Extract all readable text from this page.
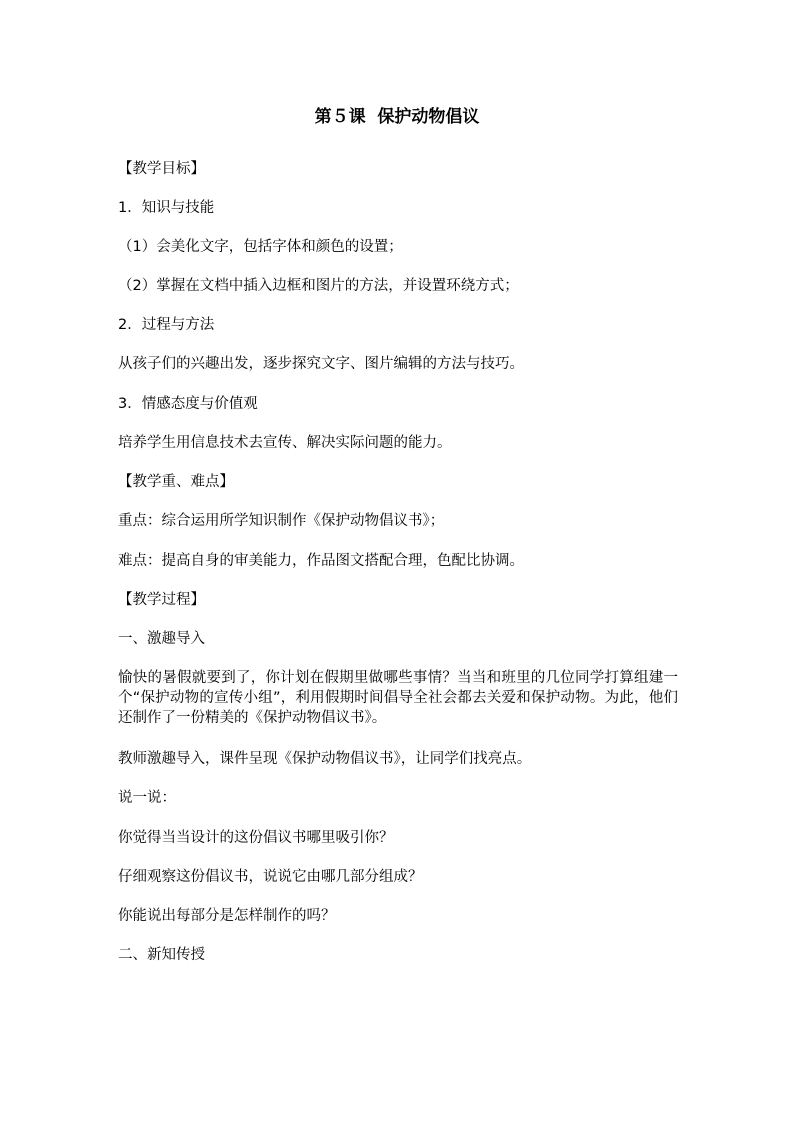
第５课  保护动物倡议
【教学目标】
1．知识与技能
（1）会美化文字，包括字体和颜色的设置；
（2）掌握在文档中插入边框和图片的方法，并设置环绕方式；
2．过程与方法
从孩子们的兴趣出发，逐步探究文字、图片编辑的方法与技巧。
3．情感态度与价值观
培养学生用信息技术去宣传、解决实际问题的能力。
【教学重、难点】
重点：综合运用所学知识制作《保护动物倡议书》；
难点：提高自身的审美能力，作品图文搭配合理，色配比协调。
【教学过程】
一、激趣导入
愉快的暑假就要到了，你计划在假期里做哪些事情？当当和班里的几位同学打算组建一个“保护动物的宣传小组”，利用假期时间倡导全社会都去关爱和保护动物。为此，他们还制作了一份精美的《保护动物倡议书》。
教师激趣导入，课件呈现《保护动物倡议书》，让同学们找亮点。
说一说：
你觉得当当设计的这份倡议书哪里吸引你？
仔细观察这份倡议书，说说它由哪几部分组成？
你能说出每部分是怎样制作的吗？
二、新知传授
